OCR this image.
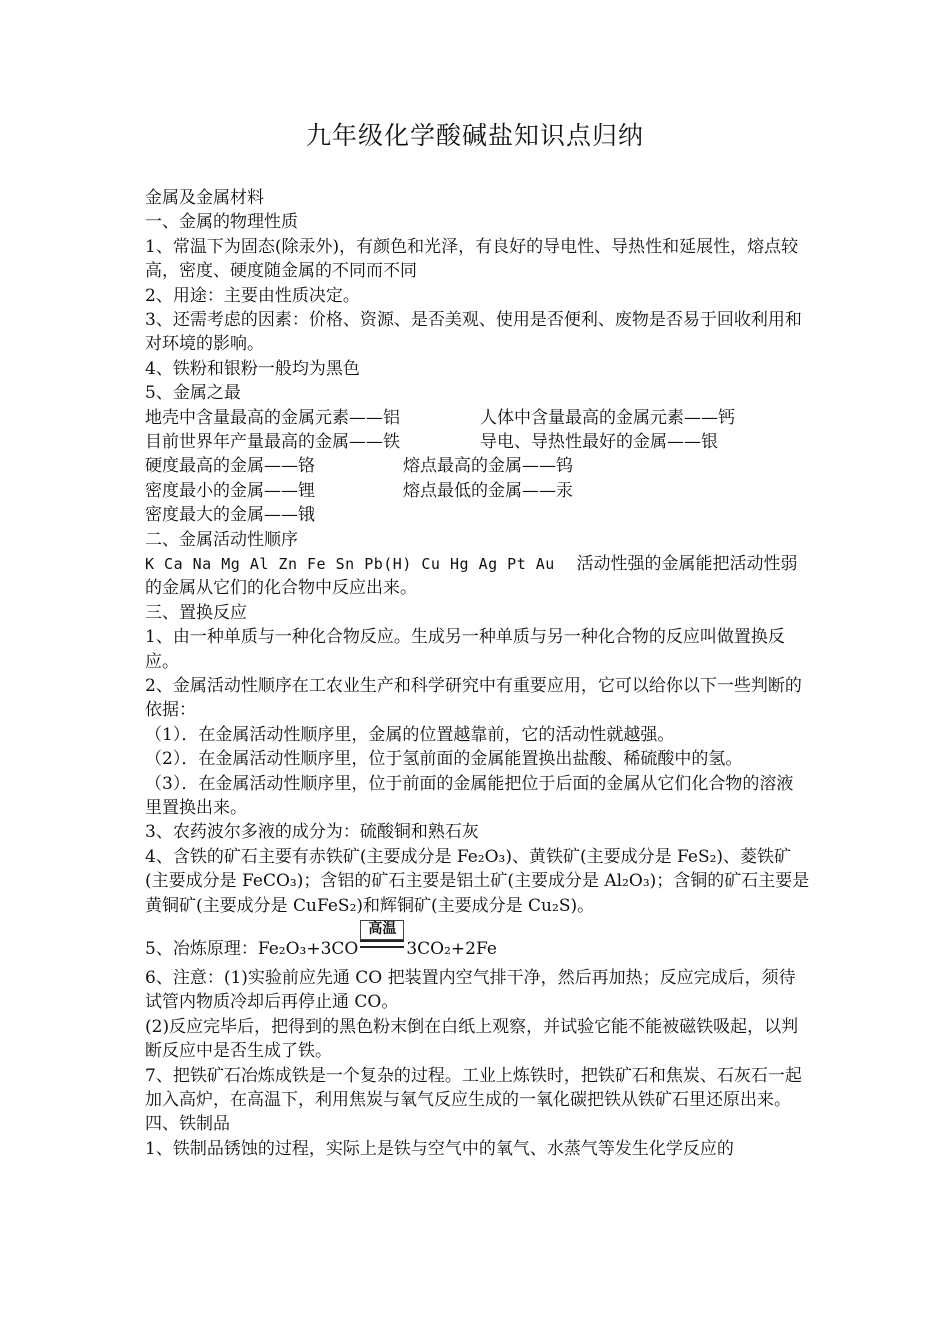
九年级化学酸碱盐知识点归纳
金属及金属材料
一、金属的物理性质
1、常温下为固态(除汞外)，有颜色和光泽，有良好的导电性、导热性和延展性，熔点较高，密度、硬度随金属的不同而不同
2、用途：主要由性质决定。
3、还需考虑的因素：价格、资源、是否美观、使用是否便利、废物是否易于回收利用和对环境的影响。
4、铁粉和银粉一般均为黑色
5、金属之最
地壳中含量最高的金属元素——铝	人体中含量最高的金属元素——钙
目前世界年产量最高的金属——铁	导电、导热性最好的金属——银
硬度最高的金属——铬	熔点最高的金属——钨
密度最小的金属——锂	熔点最低的金属——汞
密度最大的金属——锇
二、金属活动性顺序
K Ca Na Mg Al Zn Fe Sn Pb(H) Cu Hg Ag Pt Au 活动性强的金属能把活动性弱的金属从它们的化合物中反应出来。
三、置换反应
1、由一种单质与一种化合物反应。生成另一种单质与另一种化合物的反应叫做置换反应。
2、金属活动性顺序在工农业生产和科学研究中有重要应用，它可以给你以下一些判断的依据：
（1）．在金属活动性顺序里，金属的位置越靠前，它的活动性就越强。
（2）．在金属活动性顺序里，位于氢前面的金属能置换出盐酸、稀硫酸中的氢。
（3）．在金属活动性顺序里，位于前面的金属能把位于后面的金属从它们化合物的溶液里置换出来。
3、农药波尔多液的成分为：硫酸铜和熟石灰
4、含铁的矿石主要有赤铁矿(主要成分是 Fe₂O₃)、黄铁矿(主要成分是 FeS₂)、菱铁矿(主要成分是 FeCO₃)；含铝的矿石主要是铝土矿(主要成分是 Al₂O₃)；含铜的矿石主要是黄铜矿(主要成分是 CuFeS₂)和辉铜矿(主要成分是 Cu₂S)。
5、冶炼原理：Fe₂O₃+3CO
高温
3CO₂+2Fe
6、注意：(1)实验前应先通 CO 把装置内空气排干净，然后再加热；反应完成后，须待试管内物质冷却后再停止通 CO。
(2)反应完毕后，把得到的黑色粉末倒在白纸上观察，并试验它能不能被磁铁吸起，以判断反应中是否生成了铁。
7、把铁矿石冶炼成铁是一个复杂的过程。工业上炼铁时，把铁矿石和焦炭、石灰石一起加入高炉，在高温下，利用焦炭与氧气反应生成的一氧化碳把铁从铁矿石里还原出来。
四、铁制品
1、铁制品锈蚀的过程，实际上是铁与空气中的氧气、水蒸气等发生化学反应的
